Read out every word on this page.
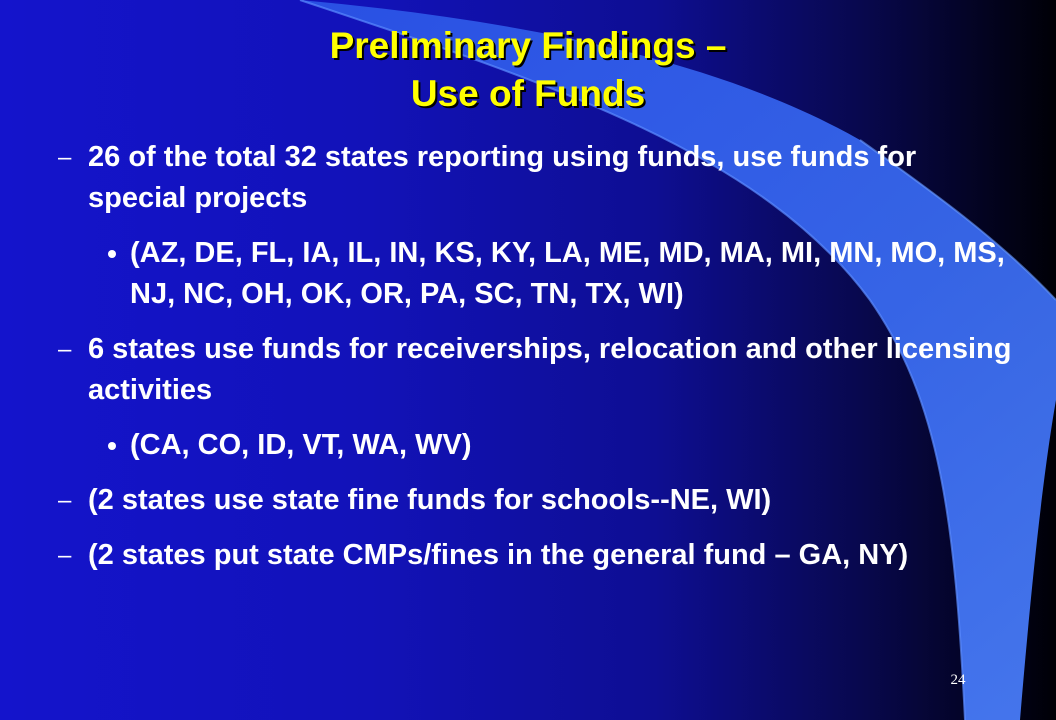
Preliminary Findings –
Use of Funds
– 26 of the total 32 states reporting using funds, use funds for special projects
(AZ, DE, FL, IA, IL, IN, KS, KY, LA, ME, MD, MA, MI, MN, MO, MS, NJ, NC, OH, OK, OR, PA, SC, TN, TX, WI)
– 6 states use funds for receiverships, relocation and other licensing activities
(CA, CO, ID, VT, WA, WV)
– (2 states use state fine funds for schools--NE, WI)
– (2 states put state CMPs/fines in the general fund – GA, NY)
24
